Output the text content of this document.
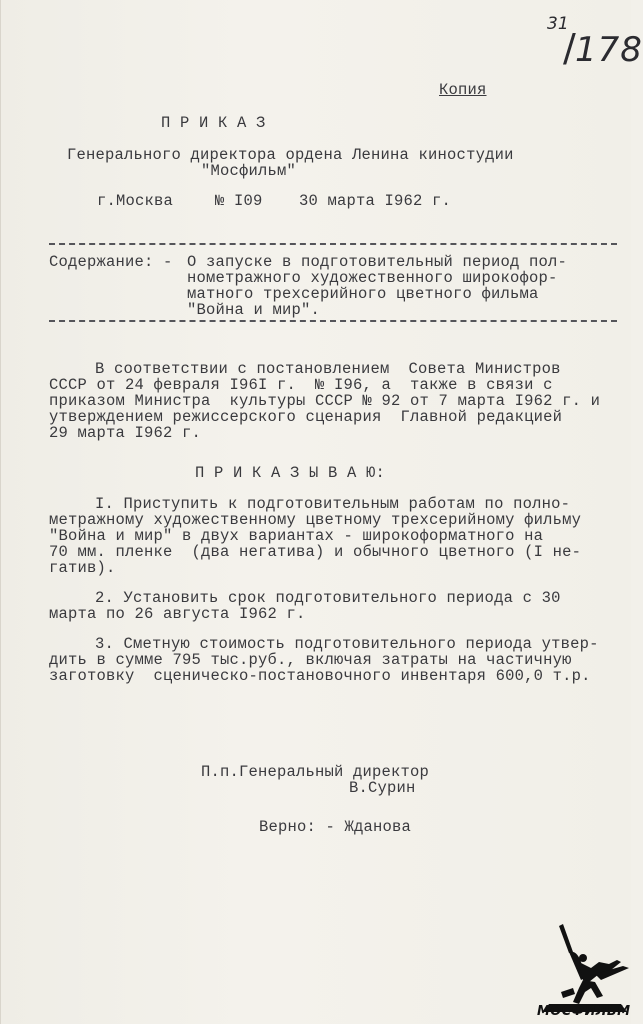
31
178
/
Копия
П Р И К А З
Генерального директора ордена Ленина киностудии
"Мосфильм"
г.Москва	№ I09 30 марта I962 г.
Содержание: - О запуске в подготовительный период пол-
нометражного художественного широкофор-
матного трехсерийного цветного фильма
"Война и мир".
В соответствии с постановлением  Совета Министров
СССР от 24 февраля I96I г.  № I96, а  также в связи с
приказом Министра  культуры СССР № 92 от 7 марта I962 г. и
утверждением режиссерского сценария  Главной редакцией
29 марта I962 г.
П Р И К А З Ы В А Ю:
I. Приступить к подготовительным работам по полно-
метражному художественному цветному трехсерийному фильму
"Война и мир" в двух вариантах - широкоформатного на
70 мм. пленке  (два негатива) и обычного цветного (I не-
гатив).
2. Установить срок подготовительного периода с 30
марта по 26 августа I962 г.
3. Сметную стоимость подготовительного периода утвер-
дить в сумме 795 тыс.руб., включая затраты на частичную
заготовку  сценическо-постановочного инвентаря 600,0 т.р.
П.п.Генеральный директор
В.Сурин
Верно: - Жданова
МОСФИЛЬМ
